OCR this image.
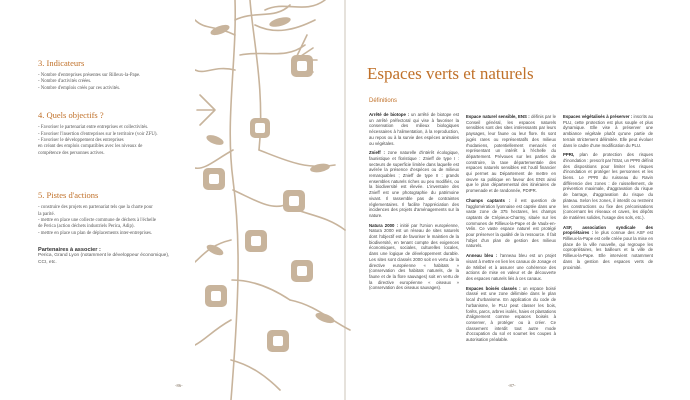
3. Indicateurs

- Nombre d'entreprises présentes sur Rilleux-la-Pape.

- Nombre d'activités créées.

- Nombre d'emplois créés par ces activités.

4. Quels objectifs ?

- Favoriser le partenariat entre entreprises et collectivités.

- Favoriser l'insertion d'entreprises sur le territoire (voir ZFU).

- Favoriser le développement des entreprises

en créant des emplois compatibles avec les niveaux de

compétence des personnes actives.

5. Pistes d'actions

- construire des projets en partenariat tels que la charte pour

la parité.

- mettre en place une collecte commune de déchets à l'échelle

de Perica (action déchets industriels Perica, Adip).

- mettre en place un plan de déplacements inter-entreprises.

Partenaires à associer :

Perica, Grand Lyon (notamment le développeur économique),

CCI, etc.

-86-
Espaces verts et naturels
Définitions

Arrêté de biotope : un arrêté de biotope est un arrêté préfectoral qui vise à favoriser la conservation des milieux biologiques nécessaires à l'alimentation, à la reproduction, au repos ou à la survie des espèces animales ou végétales.

Znieff : zone naturelle d'intérêt écologique, faunistique et floristique : Znieff de type I : secteurs de superficie limitée dans laquelle est avérée la présence d'espèces ou de milieux remarquables ; Znieff de type II : grands ensembles naturels riches ou peu modifiés, ou la biodiversité est élevée. L'inventaire des Znieff est une photographie du patrimoine vivant. Il rassemble pas de contraintes réglementaires. Il facilite l'appréciation des incidences des projets d'aménagements sur la nature.

Natura 2000 : initié par l'Union européenne, Natura 2000 est un réseau de sites naturels dont l'objectif est de favoriser le maintien de la biodiversité, en tenant compte des exigences économiques, sociales, culturelles locales, dans une logique de développement durable. Les sites sont classés 2000 soit en vertu de la directive européenne « habitats » (conservation des habitats naturels, de la faune et de la flore sauvages) soit en vertu de la directive européenne « oiseaux » (conservation des oiseaux sauvages).

Espace naturel sensible, ENS : définis par le Conseil général, les espaces naturels sensibles sont des sites intéressants par leurs paysages, leur faune ou leur flore. Ils sont jugés rares ou représentatifs des milieux rhodaniens, potentiellement menacés et représentant un intérêt à l'échelle du département. Prévoues sur les parties de construire, la taxe départementale des espaces naturels sensibles est l'outil financier qui permet au Département de mettre en œuvre sa politique en faveur des ENS ainsi que le plan départemental des itinéraires de promenade et de randonnée, PDIPR.

Champs captants : il est question de l'agglomération lyonnaise est captée dans une vaste zone de 375 hectares, les champs captants de Crépieux-Charmy, située sur les communes de Rillieux-la-Pape et de Vaulx-en-Velin. Ce vaste espace naturel est protégé pour préserver la qualité de la ressource. Il fait l'objet d'un plan de gestion des milieux naturels.

Anneau bleu : l'anneau bleu est un projet visant à mettre en lien les canaux de Jonage et de Miribel et à assurer une cohérence des actions de mise en valeur et de découverte des espaces naturels liés à ces canaux.

Espaces boisés classés : un espace boisé classé est une zone délimitée dans le plan local d'urbanisme. En application du code de l'urbanisme, le PLU peut classer les bois, forêts, parcs, arbres isolés, haies et plantations d'alignement comme espaces boisés à conserver, à protéger ou à créer. Ce classement interdit tout autre mode d'occupation du sol et soumet les coupes à autorisation préalable.

Espaces végétalisés à préserver : inscrits au PLU, cette protection est plus souple et plus dynamique. Elle vise à préserver une ambiance végétale plutôt qu'une partie de terrain strictement délimitée. Elle peut évoluer dans le cadre d'une modification du PLU.

PPRI, plan de protection des risques d'inondation : prescrit par l'Etat, un PPRI définit des dispositions pour limiter les risques d'inondation et protéger les personnes et les biens. Le PPRI du ruisseau du Ravin différencie des zones : de ruissellement, de prévention maximale, d'aggravation du risque de barrage, d'aggravation du risque du plateau. Selon les zones, il interdit ou restreint les constructions ou fixe des préconisations (concernant les réseaux et caves, les dépôts de matières solides, l'usage des sols, etc.).

ASF, association syndicale des propriétaires : le plus connue des ASF est Rillieux-la-Pape est celle créée pour la mise en place de la ville nouvelle, qui regroupe les copropriétaires, les bailleurs et la ville de Rillieux-la-Pape. Elle intervient notamment dans la gestion des espaces verts de proximité.

-87-
